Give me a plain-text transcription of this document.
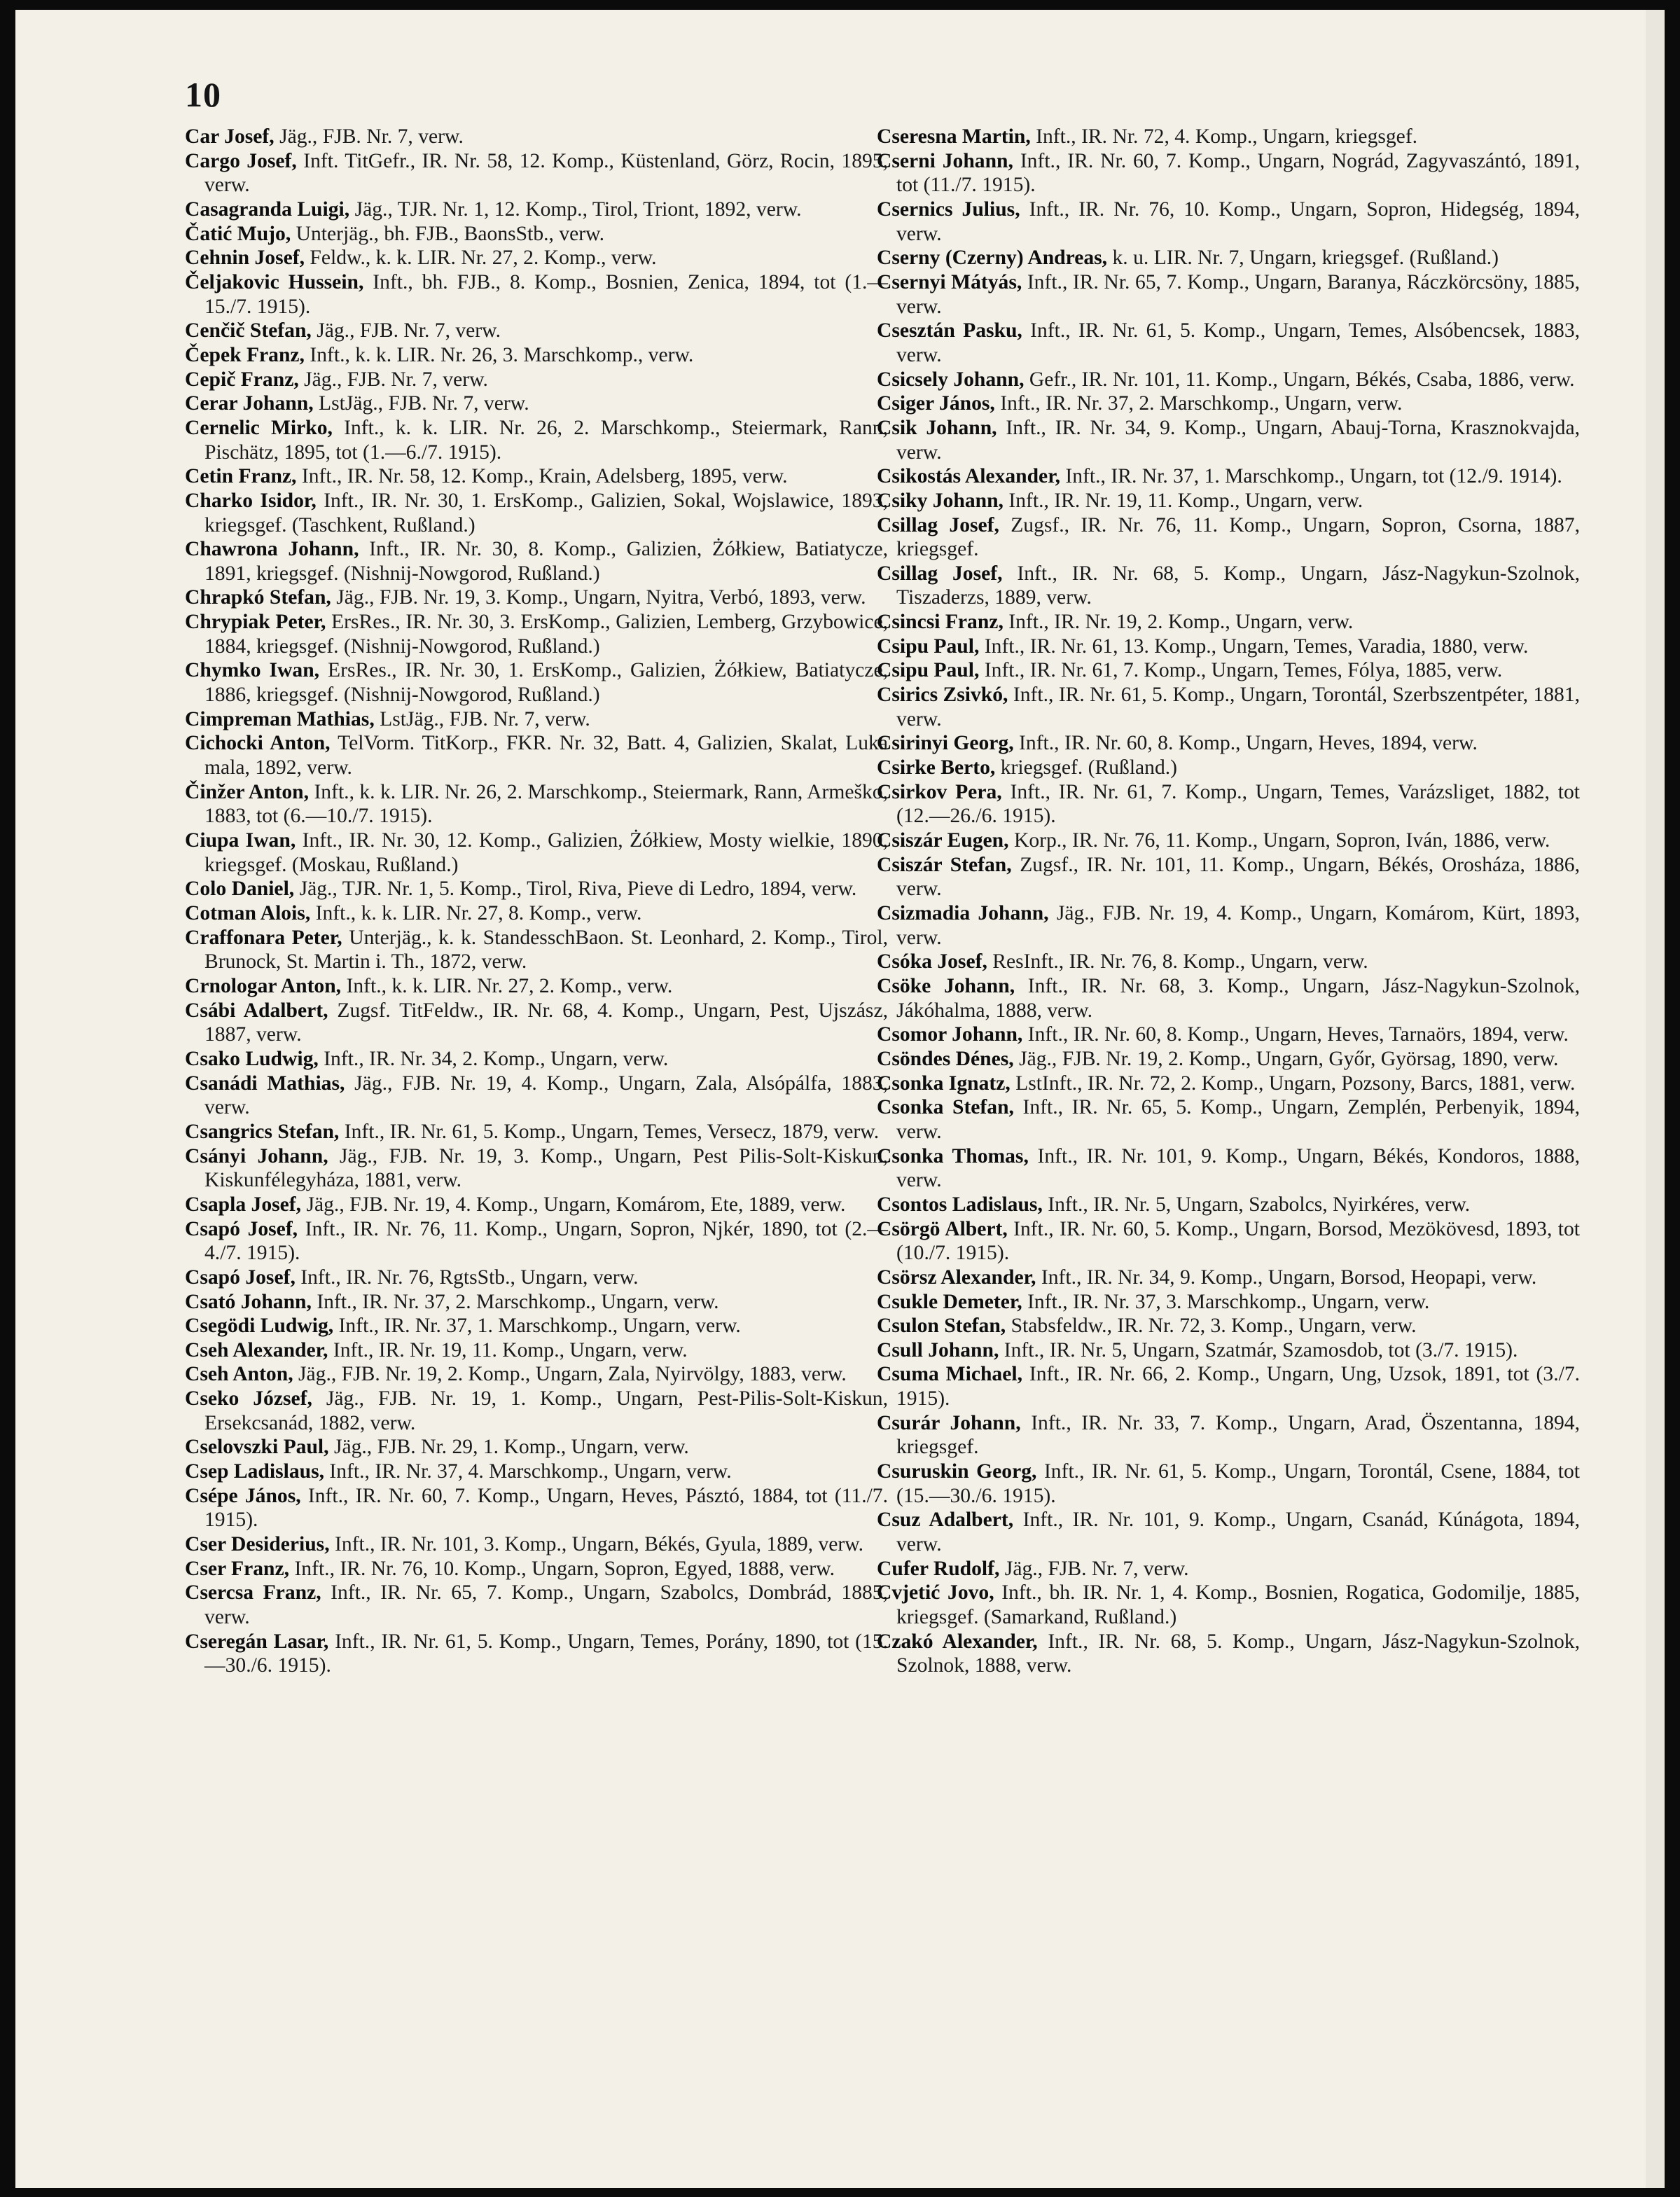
10
Car Josef, Jäg., FJB. Nr. 7, verw.
Cargo Josef, Inft. TitGefr., IR. Nr. 58, 12. Komp., Küstenland, Görz, Rocin, 1895, verw.
Casagranda Luigi, Jäg., TJR. Nr. 1, 12. Komp., Tirol, Triont, 1892, verw.
Čatić Mujo, Unterjäg., bh. FJB., BaonsStb., verw.
Cehnin Josef, Feldw., k. k. LIR. Nr. 27, 2. Komp., verw.
Čeljakovic Hussein, Inft., bh. FJB., 8. Komp., Bosnien, Zenica, 1894, tot (1.—15./7. 1915).
Cenčič Stefan, Jäg., FJB. Nr. 7, verw.
Čepek Franz, Inft., k. k. LIR. Nr. 26, 3. Marschkomp., verw.
Cepič Franz, Jäg., FJB. Nr. 7, verw.
Cerar Johann, LstJäg., FJB. Nr. 7, verw.
Cernelic Mirko, Inft., k. k. LIR. Nr. 26, 2. Marschkomp., Steiermark, Rann, Pischätz, 1895, tot (1.—6./7. 1915).
Cetin Franz, Inft., IR. Nr. 58, 12. Komp., Krain, Adelsberg, 1895, verw.
Charko Isidor, Inft., IR. Nr. 30, 1. ErsKomp., Galizien, Sokal, Wojslawice, 1893, kriegsgef. (Taschkent, Rußland.)
Chawrona Johann, Inft., IR. Nr. 30, 8. Komp., Galizien, Żółkiew, Batiatycze, 1891, kriegsgef. (Nishnij-Nowgorod, Rußland.)
Chrapkó Stefan, Jäg., FJB. Nr. 19, 3. Komp., Ungarn, Nyitra, Verbó, 1893, verw.
Chrypiak Peter, ErsRes., IR. Nr. 30, 3. ErsKomp., Galizien, Lemberg, Grzybowice, 1884, kriegsgef. (Nishnij-Nowgorod, Rußland.)
Chymko Iwan, ErsRes., IR. Nr. 30, 1. ErsKomp., Galizien, Żółkiew, Batiatycze, 1886, kriegsgef. (Nishnij-Nowgorod, Rußland.)
Cimpreman Mathias, LstJäg., FJB. Nr. 7, verw.
Cichocki Anton, TelVorm. TitKorp., FKR. Nr. 32, Batt. 4, Galizien, Skalat, Luka mala, 1892, verw.
Činžer Anton, Inft., k. k. LIR. Nr. 26, 2. Marschkomp., Steiermark, Rann, Armeško, 1883, tot (6.—10./7. 1915).
Ciupa Iwan, Inft., IR. Nr. 30, 12. Komp., Galizien, Żółkiew, Mosty wielkie, 1890, kriegsgef. (Moskau, Rußland.)
Colo Daniel, Jäg., TJR. Nr. 1, 5. Komp., Tirol, Riva, Pieve di Ledro, 1894, verw.
Cotman Alois, Inft., k. k. LIR. Nr. 27, 8. Komp., verw.
Craffonara Peter, Unterjäg., k. k. StandesschBaon. St. Leonhard, 2. Komp., Tirol, Brunock, St. Martin i. Th., 1872, verw.
Crnologar Anton, Inft., k. k. LIR. Nr. 27, 2. Komp., verw.
Csábi Adalbert, Zugsf. TitFeldw., IR. Nr. 68, 4. Komp., Ungarn, Pest, Ujszász, 1887, verw.
Csako Ludwig, Inft., IR. Nr. 34, 2. Komp., Ungarn, verw.
Csanádi Mathias, Jäg., FJB. Nr. 19, 4. Komp., Ungarn, Zala, Alsópálfa, 1883, verw.
Csangrics Stefan, Inft., IR. Nr. 61, 5. Komp., Ungarn, Temes, Versecz, 1879, verw.
Csányi Johann, Jäg., FJB. Nr. 19, 3. Komp., Ungarn, Pest Pilis-Solt-Kiskun, Kiskunfélegyháza, 1881, verw.
Csapla Josef, Jäg., FJB. Nr. 19, 4. Komp., Ungarn, Komárom, Ete, 1889, verw.
Csapó Josef, Inft., IR. Nr. 76, 11. Komp., Ungarn, Sopron, Njkér, 1890, tot (2.—4./7. 1915).
Csapó Josef, Inft., IR. Nr. 76, RgtsStb., Ungarn, verw.
Csató Johann, Inft., IR. Nr. 37, 2. Marschkomp., Ungarn, verw.
Csegödi Ludwig, Inft., IR. Nr. 37, 1. Marschkomp., Ungarn, verw.
Cseh Alexander, Inft., IR. Nr. 19, 11. Komp., Ungarn, verw.
Cseh Anton, Jäg., FJB. Nr. 19, 2. Komp., Ungarn, Zala, Nyirvölgy, 1883, verw.
Cseko József, Jäg., FJB. Nr. 19, 1. Komp., Ungarn, Pest-Pilis-Solt-Kiskun, Ersekcsanád, 1882, verw.
Cselovszki Paul, Jäg., FJB. Nr. 29, 1. Komp., Ungarn, verw.
Csep Ladislaus, Inft., IR. Nr. 37, 4. Marschkomp., Ungarn, verw.
Csépe János, Inft., IR. Nr. 60, 7. Komp., Ungarn, Heves, Pásztó, 1884, tot (11./7. 1915).
Cser Desiderius, Inft., IR. Nr. 101, 3. Komp., Ungarn, Békés, Gyula, 1889, verw.
Cser Franz, Inft., IR. Nr. 76, 10. Komp., Ungarn, Sopron, Egyed, 1888, verw.
Csercsa Franz, Inft., IR. Nr. 65, 7. Komp., Ungarn, Szabolcs, Dombrád, 1885, verw.
Cseregán Lasar, Inft., IR. Nr. 61, 5. Komp., Ungarn, Temes, Porány, 1890, tot (15.—30./6. 1915).
Cseresna Martin, Inft., IR. Nr. 72, 4. Komp., Ungarn, kriegsgef.
Cserni Johann, Inft., IR. Nr. 60, 7. Komp., Ungarn, Nográd, Zagyvaszántó, 1891, tot (11./7. 1915).
Csernics Julius, Inft., IR. Nr. 76, 10. Komp., Ungarn, Sopron, Hidegség, 1894, verw.
Cserny (Czerny) Andreas, k. u. LIR. Nr. 7, Ungarn, kriegsgef. (Rußland.)
Csernyi Mátyás, Inft., IR. Nr. 65, 7. Komp., Ungarn, Baranya, Ráczkörcsöny, 1885, verw.
Csesztán Pasku, Inft., IR. Nr. 61, 5. Komp., Ungarn, Temes, Alsóbencsek, 1883, verw.
Csicsely Johann, Gefr., IR. Nr. 101, 11. Komp., Ungarn, Békés, Csaba, 1886, verw.
Csiger János, Inft., IR. Nr. 37, 2. Marschkomp., Ungarn, verw.
Csik Johann, Inft., IR. Nr. 34, 9. Komp., Ungarn, Abauj-Torna, Krasznokvajda, verw.
Csikostás Alexander, Inft., IR. Nr. 37, 1. Marschkomp., Ungarn, tot (12./9. 1914).
Csiky Johann, Inft., IR. Nr. 19, 11. Komp., Ungarn, verw.
Csillag Josef, Zugsf., IR. Nr. 76, 11. Komp., Ungarn, Sopron, Csorna, 1887, kriegsgef.
Csillag Josef, Inft., IR. Nr. 68, 5. Komp., Ungarn, Jász-Nagykun-Szolnok, Tiszaderzs, 1889, verw.
Csincsi Franz, Inft., IR. Nr. 19, 2. Komp., Ungarn, verw.
Csipu Paul, Inft., IR. Nr. 61, 13. Komp., Ungarn, Temes, Varadia, 1880, verw.
Csipu Paul, Inft., IR. Nr. 61, 7. Komp., Ungarn, Temes, Fólya, 1885, verw.
Csirics Zsivkó, Inft., IR. Nr. 61, 5. Komp., Ungarn, Torontál, Szerbszentpéter, 1881, verw.
Csirinyi Georg, Inft., IR. Nr. 60, 8. Komp., Ungarn, Heves, 1894, verw.
Csirke Berto, kriegsgef. (Rußland.)
Csirkov Pera, Inft., IR. Nr. 61, 7. Komp., Ungarn, Temes, Varázsliget, 1882, tot (12.—26./6. 1915).
Csiszár Eugen, Korp., IR. Nr. 76, 11. Komp., Ungarn, Sopron, Iván, 1886, verw.
Csiszár Stefan, Zugsf., IR. Nr. 101, 11. Komp., Ungarn, Békés, Orosháza, 1886, verw.
Csizmadia Johann, Jäg., FJB. Nr. 19, 4. Komp., Ungarn, Komárom, Kürt, 1893, verw.
Csóka Josef, ResInft., IR. Nr. 76, 8. Komp., Ungarn, verw.
Csöke Johann, Inft., IR. Nr. 68, 3. Komp., Ungarn, Jász-Nagykun-Szolnok, Jákóhalma, 1888, verw.
Csomor Johann, Inft., IR. Nr. 60, 8. Komp., Ungarn, Heves, Tarnaörs, 1894, verw.
Csöndes Dénes, Jäg., FJB. Nr. 19, 2. Komp., Ungarn, Győr, Györsag, 1890, verw.
Csonka Ignatz, LstInft., IR. Nr. 72, 2. Komp., Ungarn, Pozsony, Barcs, 1881, verw.
Csonka Stefan, Inft., IR. Nr. 65, 5. Komp., Ungarn, Zemplén, Perbenyik, 1894, verw.
Csonka Thomas, Inft., IR. Nr. 101, 9. Komp., Ungarn, Békés, Kondoros, 1888, verw.
Csontos Ladislaus, Inft., IR. Nr. 5, Ungarn, Szabolcs, Nyirkéres, verw.
Csörgö Albert, Inft., IR. Nr. 60, 5. Komp., Ungarn, Borsod, Mezökövesd, 1893, tot (10./7. 1915).
Csörsz Alexander, Inft., IR. Nr. 34, 9. Komp., Ungarn, Borsod, Heopapi, verw.
Csukle Demeter, Inft., IR. Nr. 37, 3. Marschkomp., Ungarn, verw.
Csulon Stefan, Stabsfeldw., IR. Nr. 72, 3. Komp., Ungarn, verw.
Csull Johann, Inft., IR. Nr. 5, Ungarn, Szatmár, Szamosdob, tot (3./7. 1915).
Csuma Michael, Inft., IR. Nr. 66, 2. Komp., Ungarn, Ung, Uzsok, 1891, tot (3./7. 1915).
Csurár Johann, Inft., IR. Nr. 33, 7. Komp., Ungarn, Arad, Öszentanna, 1894, kriegsgef.
Csuruskin Georg, Inft., IR. Nr. 61, 5. Komp., Ungarn, Torontál, Csene, 1884, tot (15.—30./6. 1915).
Csuz Adalbert, Inft., IR. Nr. 101, 9. Komp., Ungarn, Csanád, Kúnágota, 1894, verw.
Cufer Rudolf, Jäg., FJB. Nr. 7, verw.
Cvjetić Jovo, Inft., bh. IR. Nr. 1, 4. Komp., Bosnien, Rogatica, Godomilje, 1885, kriegsgef. (Samarkand, Rußland.)
Czakó Alexander, Inft., IR. Nr. 68, 5. Komp., Ungarn, Jász-Nagykun-Szolnok, Szolnok, 1888, verw.
